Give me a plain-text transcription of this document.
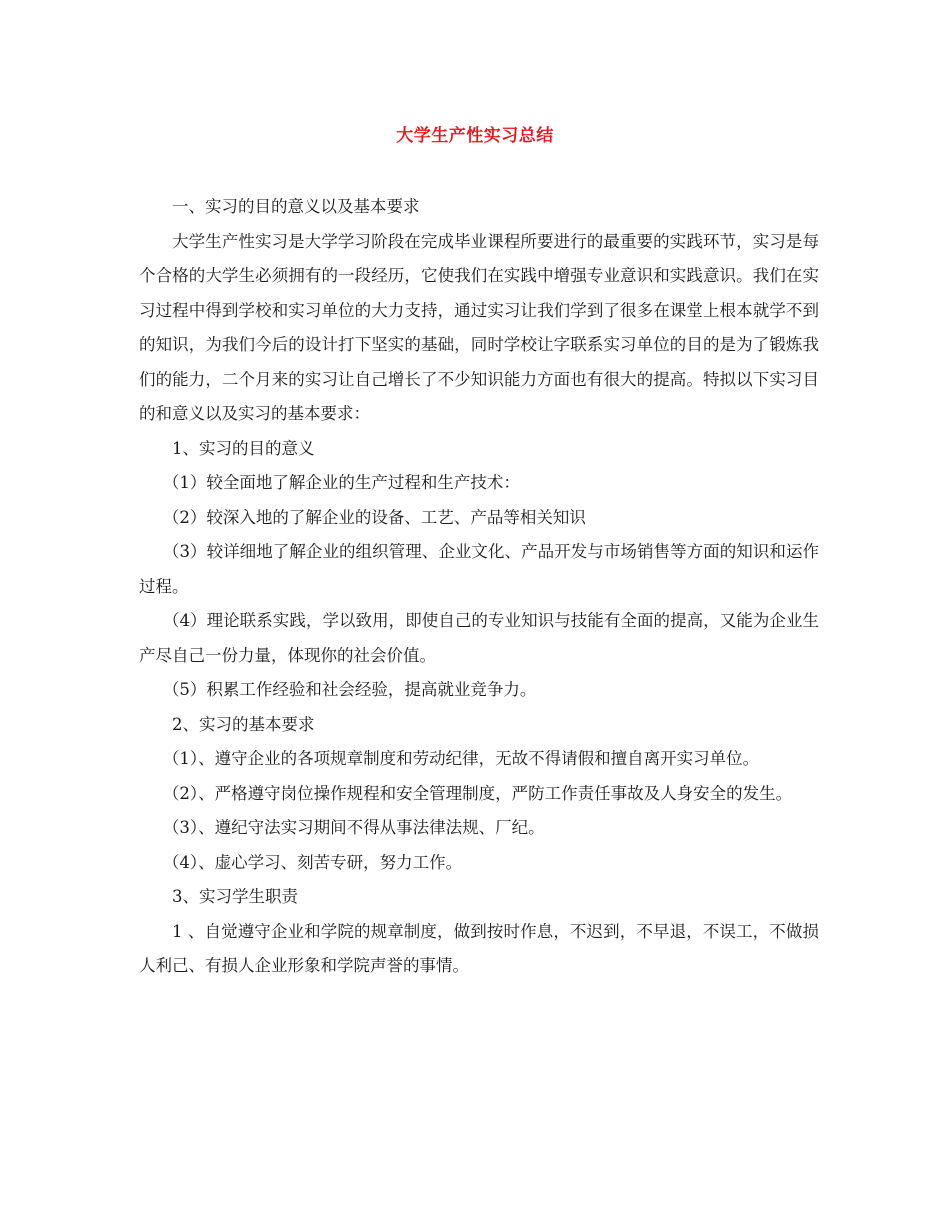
大学生产性实习总结

一、实习的目的意义以及基本要求

大学生产性实习是大学学习阶段在完成毕业课程所要进行的最重要的实践环节，实习是每个合格的大学生必须拥有的一段经历，它使我们在实践中增强专业意识和实践意识。我们在实习过程中得到学校和实习单位的大力支持，通过实习让我们学到了很多在课堂上根本就学不到的知识，为我们今后的设计打下坚实的基础，同时学校让字联系实习单位的目的是为了锻炼我们的能力，二个月来的实习让自己增长了不少知识能力方面也有很大的提高。特拟以下实习目的和意义以及实习的基本要求：

1、实习的目的意义

（1）较全面地了解企业的生产过程和生产技术：

（2）较深入地的了解企业的设备、工艺、产品等相关知识

（3）较详细地了解企业的组织管理、企业文化、产品开发与市场销售等方面的知识和运作过程。

（4）理论联系实践，学以致用，即使自己的专业知识与技能有全面的提高，又能为企业生产尽自己一份力量，体现你的社会价值。

（5）积累工作经验和社会经验，提高就业竞争力。

2、实习的基本要求

（1）、遵守企业的各项规章制度和劳动纪律，无故不得请假和擅自离开实习单位。

（2）、严格遵守岗位操作规程和安全管理制度，严防工作责任事故及人身安全的发生。

（3）、遵纪守法实习期间不得从事法律法规、厂纪。

（4）、虚心学习、刻苦专研，努力工作。

3、实习学生职责

1 、自觉遵守企业和学院的规章制度，做到按时作息，不迟到，不早退，不误工，不做损人利己、有损人企业形象和学院声誉的事情。
